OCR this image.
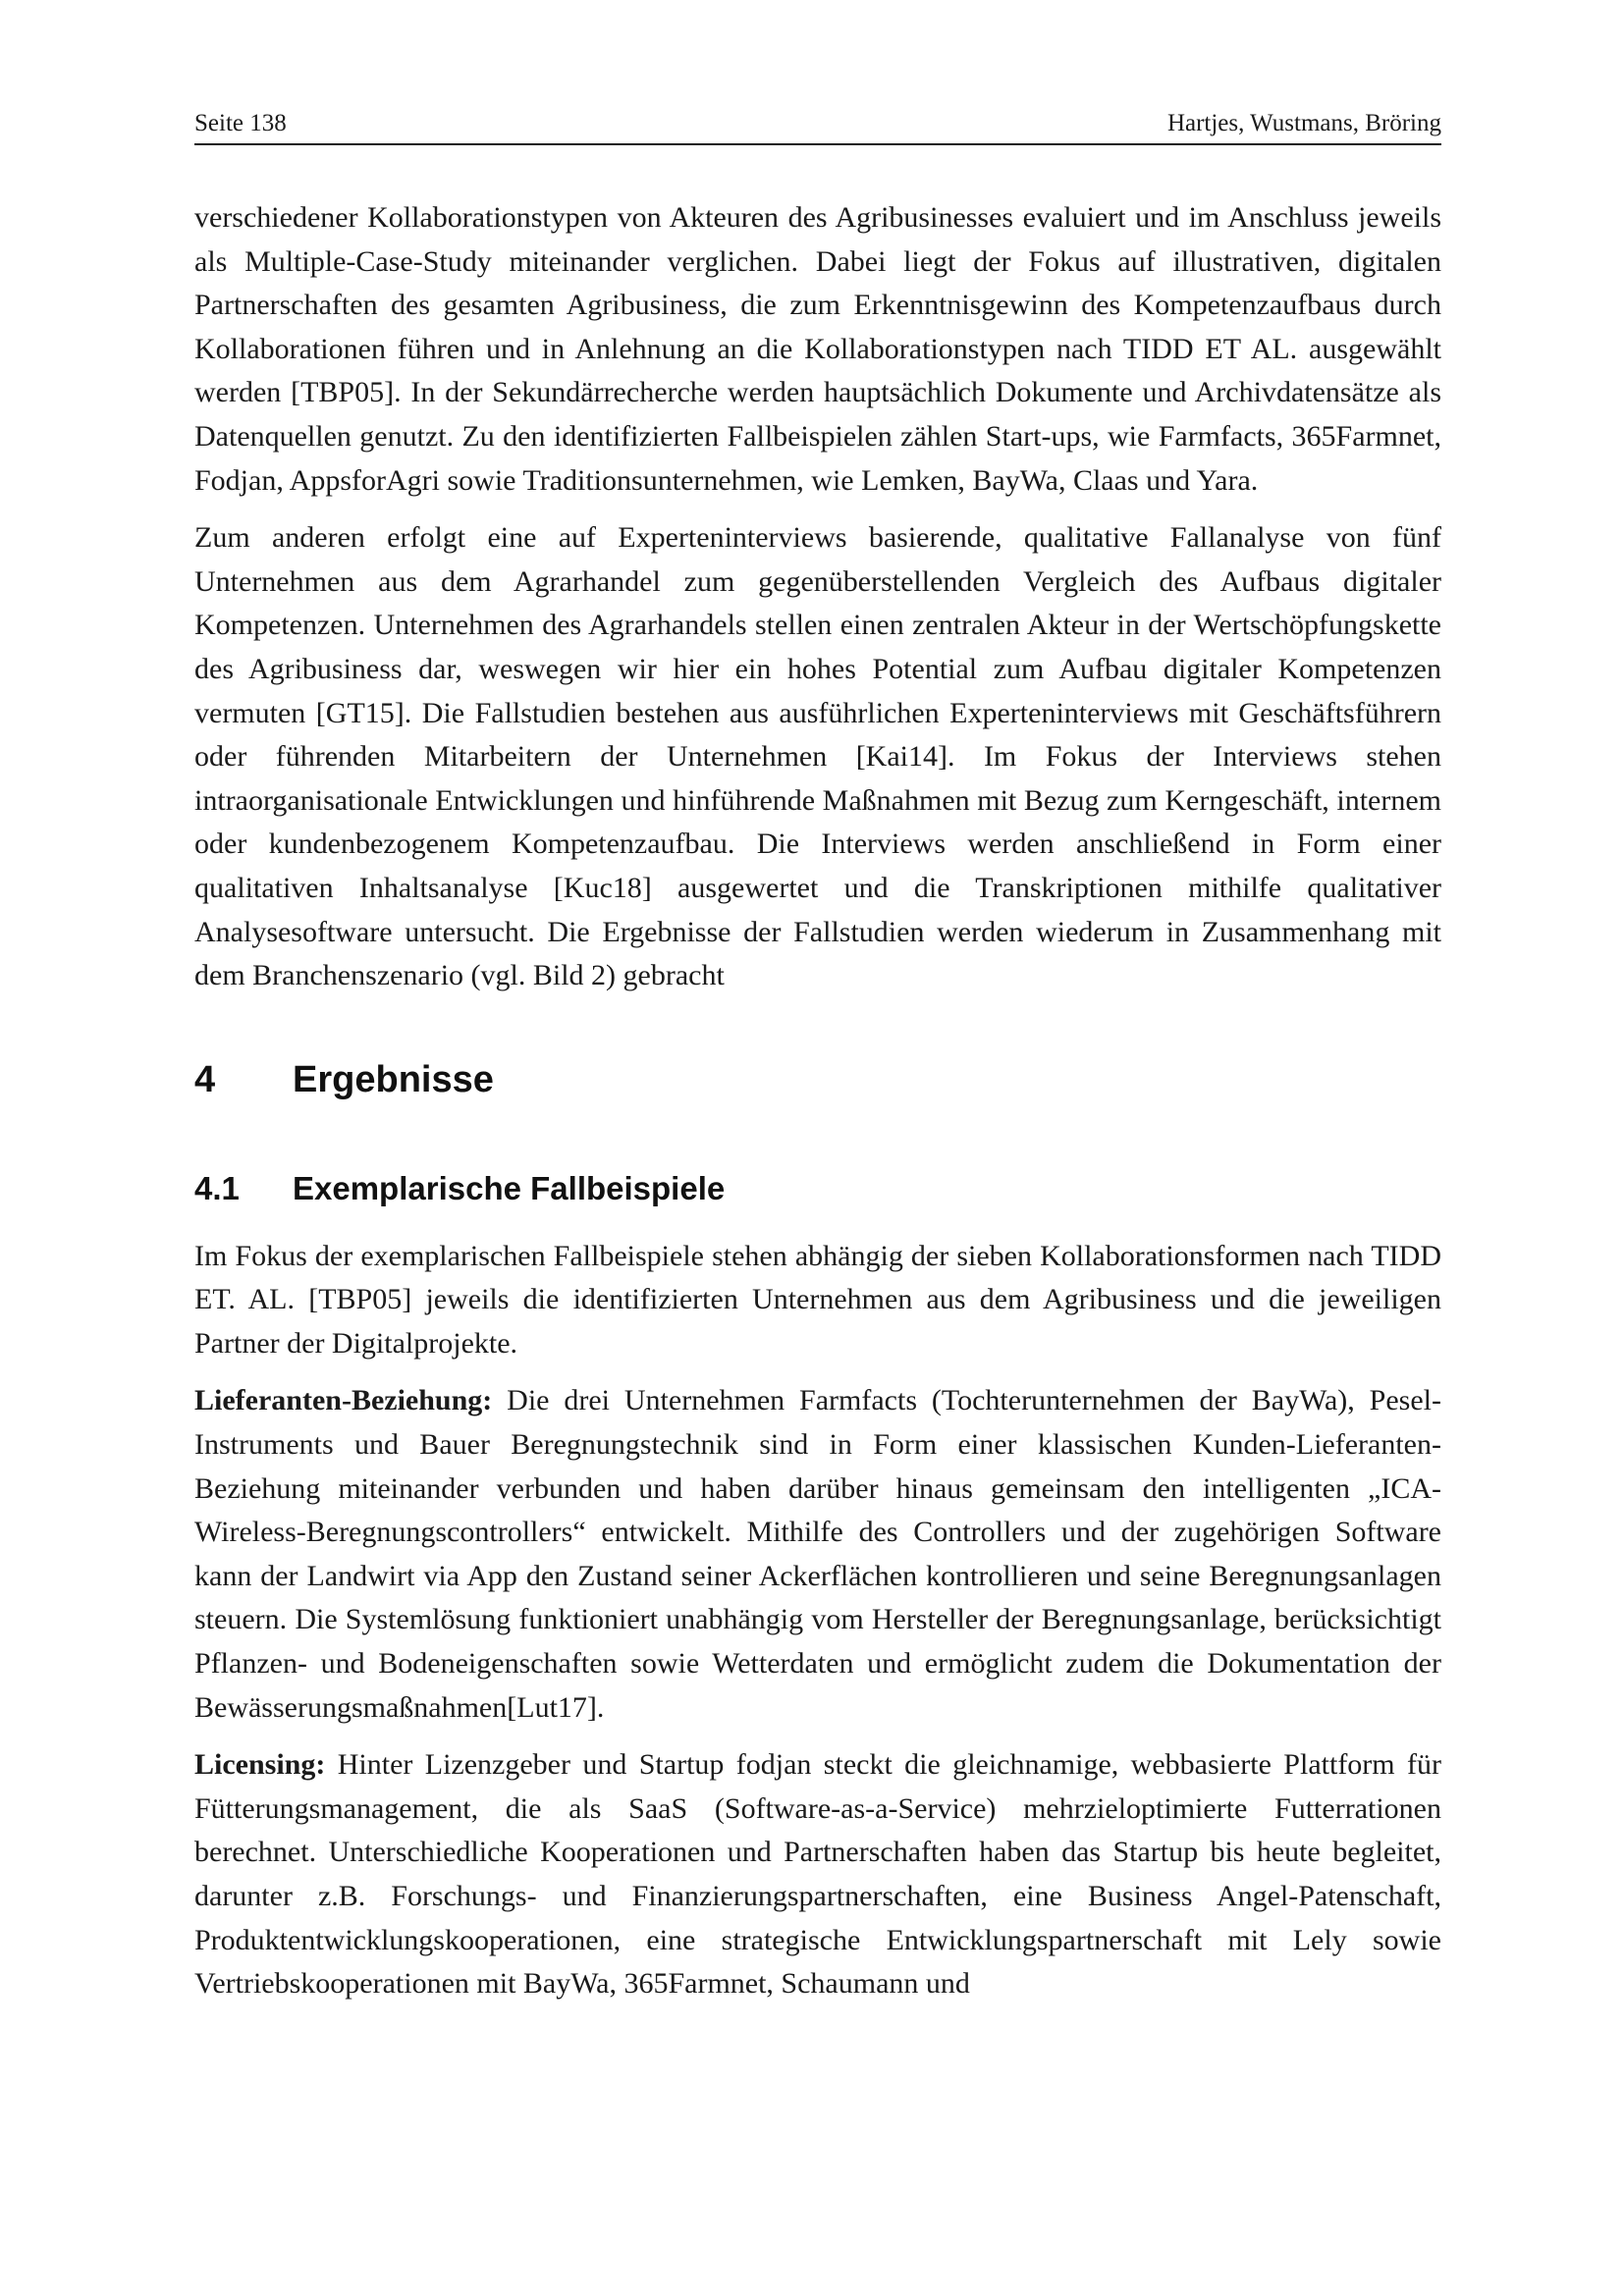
Seite 138	Hartjes, Wustmans, Bröring

verschiedener Kollaborationstypen von Akteuren des Agribusinesses evaluiert und im Anschluss jeweils als Multiple-Case-Study miteinander verglichen. Dabei liegt der Fokus auf illustrativen, digitalen Partnerschaften des gesamten Agribusiness, die zum Erkenntnisgewinn des Kompetenzaufbaus durch Kollaborationen führen und in Anlehnung an die Kollaborationstypen nach TIDD ET AL. ausgewählt werden [TBP05]. In der Sekundärrecherche werden hauptsächlich Dokumente und Archivdatensätze als Datenquellen genutzt. Zu den identifizierten Fallbeispielen zählen Start-ups, wie Farmfacts, 365Farmnet, Fodjan, AppsforAgri sowie Traditionsunternehmen, wie Lemken, BayWa, Claas und Yara.

Zum anderen erfolgt eine auf Experteninterviews basierende, qualitative Fallanalyse von fünf Unternehmen aus dem Agrarhandel zum gegenüberstellenden Vergleich des Aufbaus digitaler Kompetenzen. Unternehmen des Agrarhandels stellen einen zentralen Akteur in der Wertschöpfungskette des Agribusiness dar, weswegen wir hier ein hohes Potential zum Aufbau digitaler Kompetenzen vermuten [GT15]. Die Fallstudien bestehen aus ausführlichen Experteninterviews mit Geschäftsführern oder führenden Mitarbeitern der Unternehmen [Kai14]. Im Fokus der Interviews stehen intraorganisationale Entwicklungen und hinführende Maßnahmen mit Bezug zum Kerngeschäft, internem oder kundenbezogenem Kompetenzaufbau. Die Interviews werden anschließend in Form einer qualitativen Inhaltsanalyse [Kuc18] ausgewertet und die Transkriptionen mithilfe qualitativer Analysesoftware untersucht. Die Ergebnisse der Fallstudien werden wiederum in Zusammenhang mit dem Branchenszenario (vgl. Bild 2) gebracht

4 Ergebnisse
4.1 Exemplarische Fallbeispiele

Im Fokus der exemplarischen Fallbeispiele stehen abhängig der sieben Kollaborationsformen nach TIDD ET. AL. [TBP05] jeweils die identifizierten Unternehmen aus dem Agribusiness und die jeweiligen Partner der Digitalprojekte.

Lieferanten-Beziehung: Die drei Unternehmen Farmfacts (Tochterunternehmen der BayWa), Pesel-Instruments und Bauer Beregnungstechnik sind in Form einer klassischen Kunden-Lieferanten-Beziehung miteinander verbunden und haben darüber hinaus gemeinsam den intelligenten „ICA-Wireless-Beregnungscontrollers“ entwickelt. Mithilfe des Controllers und der zugehörigen Software kann der Landwirt via App den Zustand seiner Ackerflächen kontrollieren und seine Beregnungsanlagen steuern. Die Systemlösung funktioniert unabhängig vom Hersteller der Beregnungsanlage, berücksichtigt Pflanzen- und Bodeneigenschaften sowie Wetterdaten und ermöglicht zudem die Dokumentation der Bewässerungsmaßnahmen[Lut17].

Licensing: Hinter Lizenzgeber und Startup fodjan steckt die gleichnamige, webbasierte Plattform für Fütterungsmanagement, die als SaaS (Software-as-a-Service) mehrzieloptimierte Futterrationen berechnet. Unterschiedliche Kooperationen und Partnerschaften haben das Startup bis heute begleitet, darunter z.B. Forschungs- und Finanzierungspartnerschaften, eine Business Angel-Patenschaft, Produktentwicklungskooperationen, eine strategische Entwicklungspartnerschaft mit Lely sowie Vertriebskooperationen mit BayWa, 365Farmnet, Schaumann und
